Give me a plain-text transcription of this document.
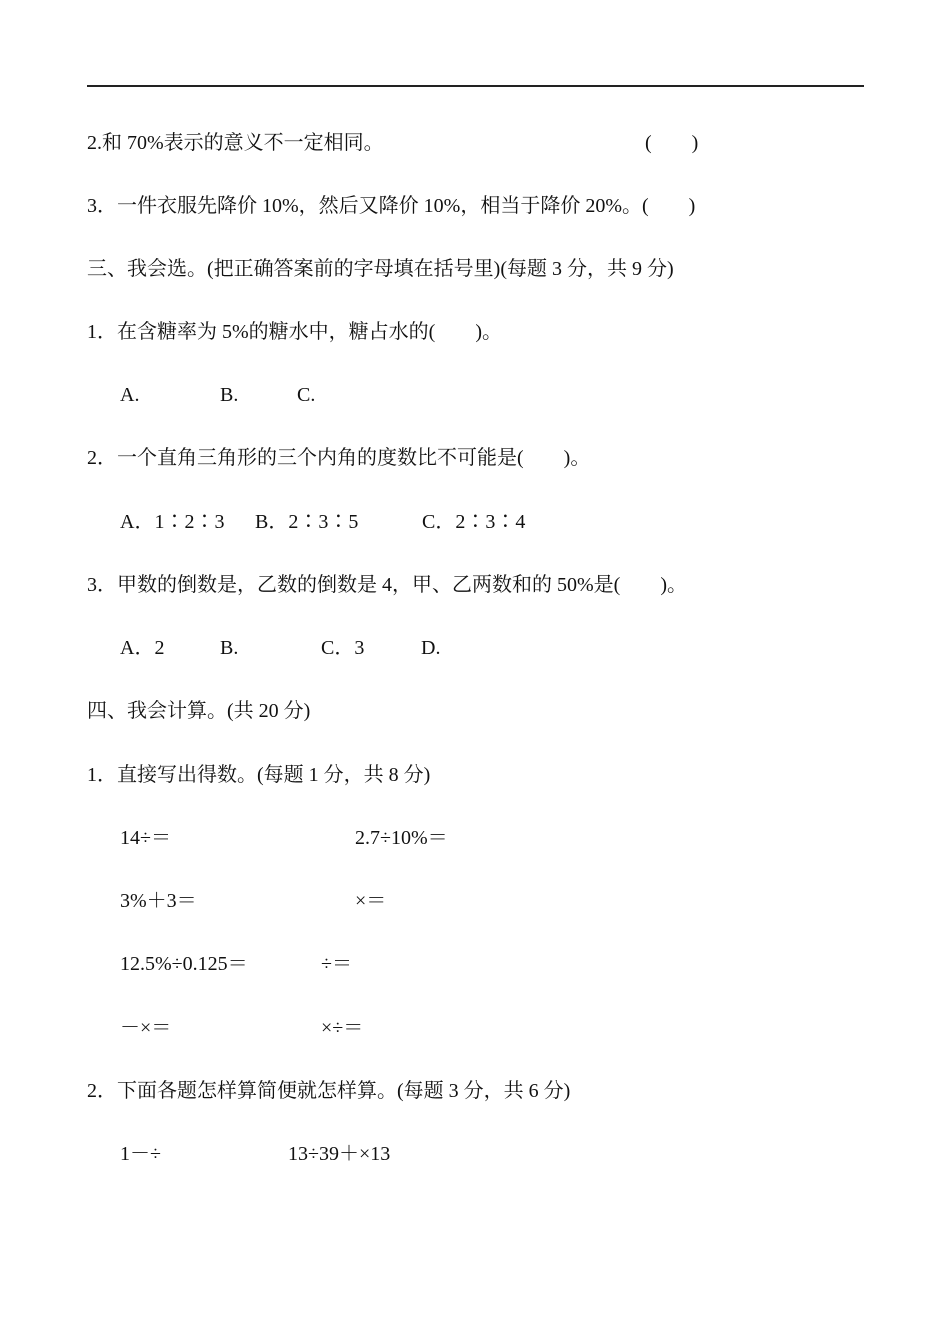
2.和 70%表示的意义不一定相同。	(        )
3．一件衣服先降价 10%，然后又降价 10%，相当于降价 20%。(        )
三、我会选。(把正确答案前的字母填在括号里)(每题 3 分，共 9 分)
1．在含糖率为 5%的糖水中，糖占水的(        )。
A.	B.	C.
2．一个直角三角形的三个内角的度数比不可能是(        )。
A．1∶2∶3 B．2∶3∶5	C．2∶3∶4
3．甲数的倒数是，乙数的倒数是 4，甲、乙两数和的 50%是(        )。
A．2	B.	C．3	D.
四、我会计算。(共 20 分)
1．直接写出得数。(每题 1 分，共 8 分)
14÷＝	2.7÷10%＝
3%＋3＝	×＝
12.5%÷0.125＝	÷＝
－×＝	×÷＝
2．下面各题怎样算简便就怎样算。(每题 3 分，共 6 分)
1－÷	13÷39＋×13
